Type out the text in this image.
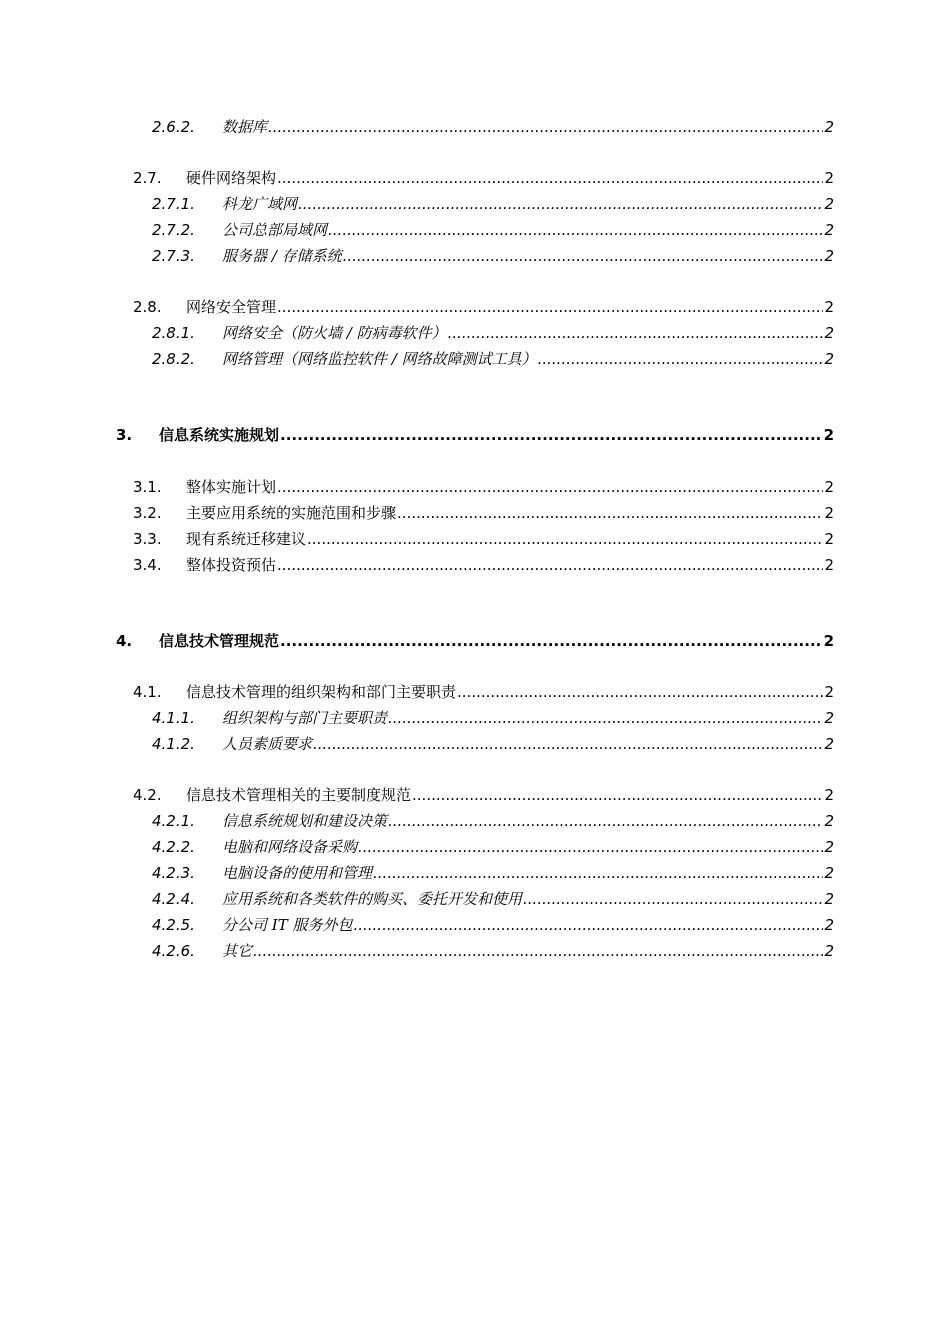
2.6.2.	数据库 .....	2
2.7.	硬件网络架构 .....	2
2.7.1.	科龙广域网 .....	2
2.7.2.	公司总部局域网 .....	2
2.7.3.	服务器 / 存储系统 .....	2
2.8.	网络安全管理 .....	2
2.8.1.	网络安全（防火墙 / 防病毒软件） .....	2
2.8.2.	网络管理（网络监控软件 / 网络故障测试工具） .....	2
3.	信息系统实施规划 .....	2
3.1.	整体实施计划 .....	2
3.2.	主要应用系统的实施范围和步骤 .....	2
3.3.	现有系统迁移建议 .....	2
3.4.	整体投资预估 .....	2
4.	信息技术管理规范 .....	2
4.1.	信息技术管理的组织架构和部门主要职责 .....	2
4.1.1.	组织架构与部门主要职责 .....	2
4.1.2.	人员素质要求 .....	2
4.2.	信息技术管理相关的主要制度规范 .....	2
4.2.1.	信息系统规划和建设决策 .....	2
4.2.2.	电脑和网络设备采购 .....	2
4.2.3.	电脑设备的使用和管理 .....	2
4.2.4.	应用系统和各类软件的购买、委托开发和使用 .....	2
4.2.5.	分公司 IT 服务外包 .....	2
4.2.6.	其它 .....	2
